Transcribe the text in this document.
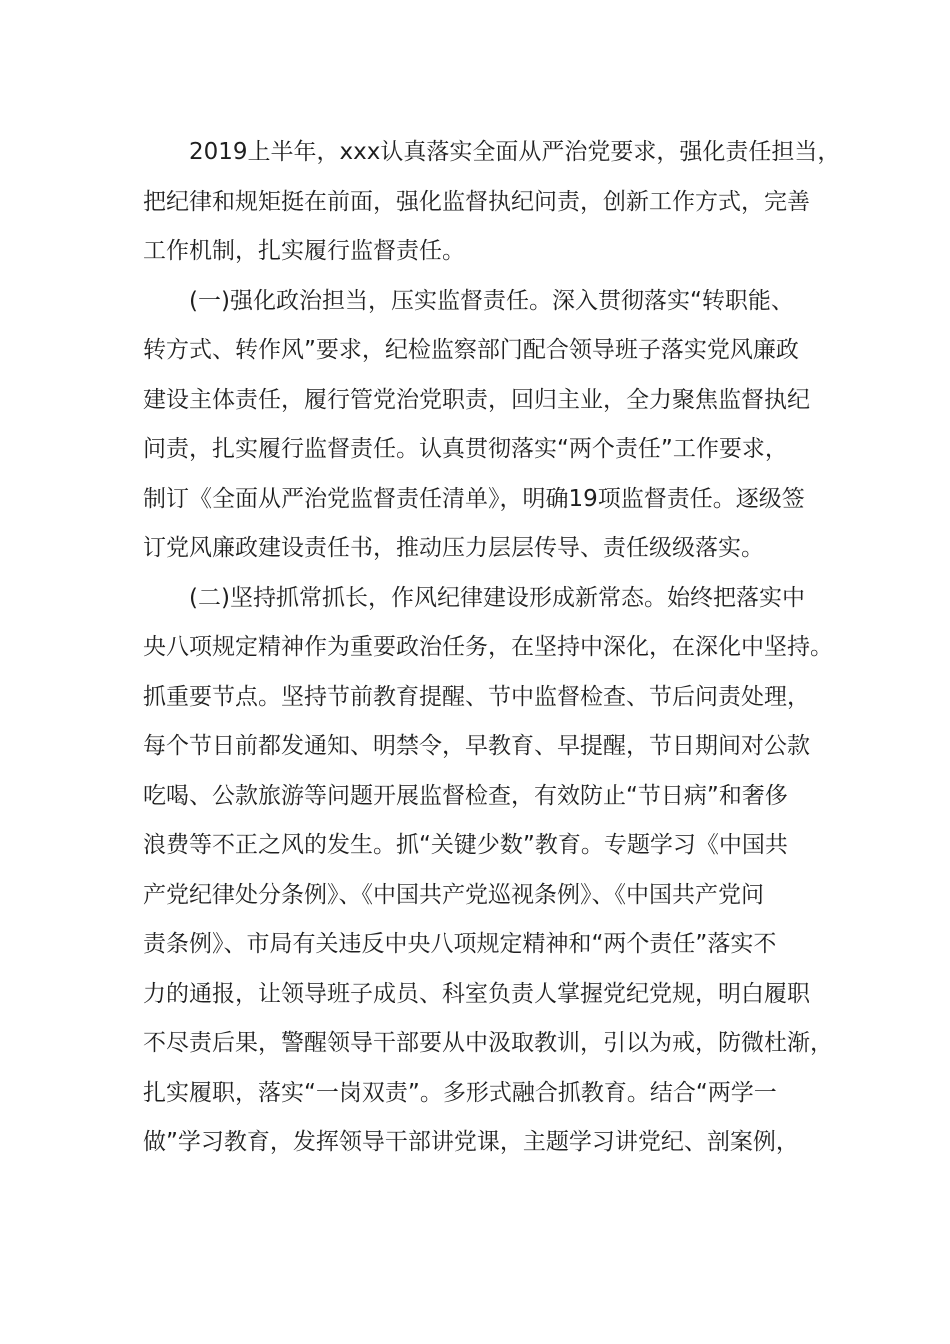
2019上半年，xxx认真落实全面从严治党要求，强化责任担当，
把纪律和规矩挺在前面，强化监督执纪问责，创新工作方式，完善
工作机制，扎实履行监督责任。
(一)强化政治担当，压实监督责任。深入贯彻落实“转职能、
转方式、转作风”要求，纪检监察部门配合领导班子落实党风廉政
建设主体责任，履行管党治党职责，回归主业，全力聚焦监督执纪
问责，扎实履行监督责任。认真贯彻落实“两个责任”工作要求，
制订《全面从严治党监督责任清单》，明确19项监督责任。逐级签
订党风廉政建设责任书，推动压力层层传导、责任级级落实。
(二)坚持抓常抓长，作风纪律建设形成新常态。始终把落实中
央八项规定精神作为重要政治任务，在坚持中深化，在深化中坚持。
抓重要节点。坚持节前教育提醒、节中监督检查、节后问责处理，
每个节日前都发通知、明禁令，早教育、早提醒，节日期间对公款
吃喝、公款旅游等问题开展监督检查，有效防止“节日病”和奢侈
浪费等不正之风的发生。抓“关键少数”教育。专题学习《中国共
产党纪律处分条例》、《中国共产党巡视条例》、《中国共产党问
责条例》、市局有关违反中央八项规定精神和“两个责任”落实不
力的通报，让领导班子成员、科室负责人掌握党纪党规，明白履职
不尽责后果，警醒领导干部要从中汲取教训，引以为戒，防微杜渐，
扎实履职，落实“一岗双责”。多形式融合抓教育。结合“两学一
做”学习教育，发挥领导干部讲党课，主题学习讲党纪、剖案例，
